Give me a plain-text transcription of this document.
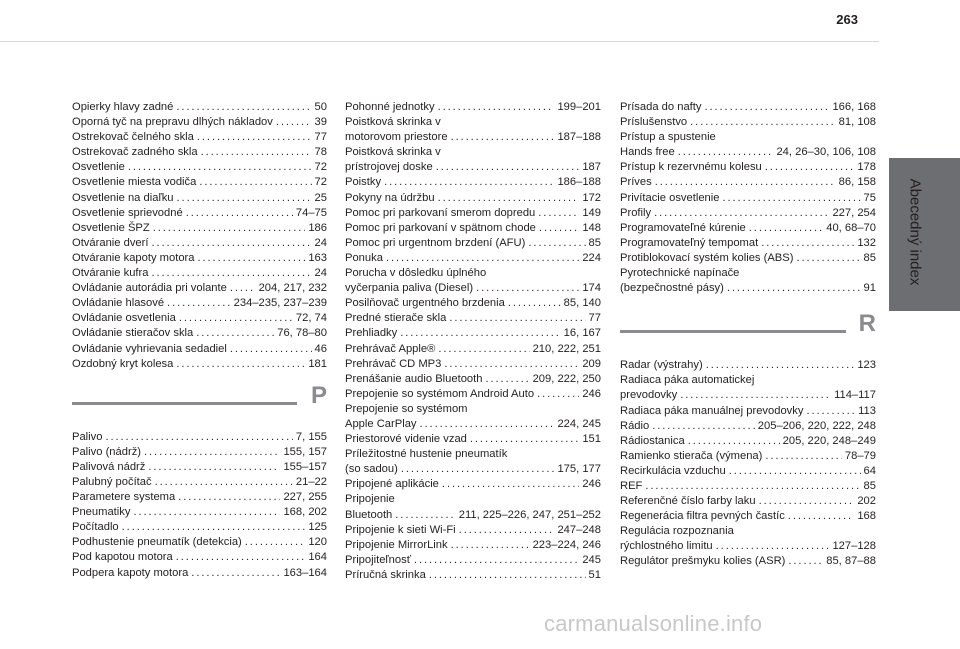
263
Abecedný index
Opierky hlavy zadné . . .	50
Oporná tyč na prepravu dlhých nákladov . . .	39
Ostrekovač čelného skla . . .	77
Ostrekovač zadného skla . . .	78
Osvetlenie . . .	72
Osvetlenie miesta vodiča . . .	72
Osvetlenie na diaľku . . .	25
Osvetlenie sprievodné . . .	74–75
Osvetlenie ŠPZ . . .	186
Otváranie dverí . . .	24
Otváranie kapoty motora . . .	163
Otváranie kufra . . .	24
Ovládanie autorádia pri volante . . .	204, 217, 232
Ovládanie hlasové . . .	234–235, 237–239
Ovládanie osvetlenia . . .	72, 74
Ovládanie stieračov skla . . .	76, 78–80
Ovládanie vyhrievania sedadiel . . .	46
Ozdobný kryt kolesa . . .	181
P
Palivo . . .	7, 155
Palivo (nádrž) . . .	155, 157
Palivová nádrž . . .	155–157
Palubný počítač . . .	21–22
Parametere systema . . .	227, 255
Pneumatiky . . .	168, 202
Počítadlo . . .	125
Podhustenie pneumatík (detekcia) . . .	120
Pod kapotou motora . . .	164
Podpera kapoty motora . . .	163–164
Pohonné jednotky . . .	199–201
Poistková skrinka v
motorovom priestore . . .	187–188
Poistková skrinka v
prístrojovej doske . . .	187
Poistky . . .	186–188
Pokyny na údržbu . . .	172
Pomoc pri parkovaní smerom dopredu . . .	149
Pomoc pri parkovaní v spätnom chode . . .	148
Pomoc pri urgentnom brzdení (AFU) . . .	85
Ponuka . . .	224
Porucha v dôsledku úplného
vyčerpania paliva (Diesel) . . .	174
Posilňovač urgentného brzdenia . . .	85, 140
Predné stierače skla . . .	77
Prehliadky . . .	16, 167
Prehrávač Apple® . . .	210, 222, 251
Prehrávač CD MP3 . . .	209
Prenášanie audio Bluetooth . . .	209, 222, 250
Prepojenie so systémom Android Auto . . .	246
Prepojenie so systémom
Apple CarPlay . . .	224, 245
Priestorové videnie vzad . . .	151
Príležitostné hustenie pneumatík
(so sadou) . . .	175, 177
Pripojené aplikácie . . .	246
Pripojenie
Bluetooth . . .	211, 225–226, 247, 251–252
Pripojenie k sieti Wi-Fi . . .	247–248
Pripojenie MirrorLink . . .	223–224, 246
Pripojiteľnosť . . .	245
Príručná skrinka . . .	51
Prísada do nafty . . .	166, 168
Príslušenstvo . . .	81, 108
Prístup a spustenie
Hands free . . .	24, 26–30, 106, 108
Prístup k rezervnému kolesu . . .	178
Príves . . .	86, 158
Privítacie osvetlenie . . .	75
Profily . . .	227, 254
Programovateľné kúrenie . . .	40, 68–70
Programovateľný tempomat . . .	132
Protiblokovací systém kolies (ABS) . . .	85
Pyrotechnické napínače
(bezpečnostné pásy) . . .	91
R
Radar (výstrahy) . . .	123
Radiaca páka automatickej
prevodovky . . .	114–117
Radiaca páka manuálnej prevodovky . . .	113
Rádio . . .	205–206, 220, 222, 248
Rádiostanica . . .	205, 220, 248–249
Ramienko stierača (výmena) . . .	78–79
Recirkulácia vzduchu . . .	64
REF . . .	85
Referenčné číslo farby laku . . .	202
Regenerácia filtra pevných častíc . . .	168
Regulácia rozpoznania
rýchlostného limitu . . .	127–128
Regulátor prešmyku kolies (ASR) . . .	85, 87–88
carmanualsonline.info
